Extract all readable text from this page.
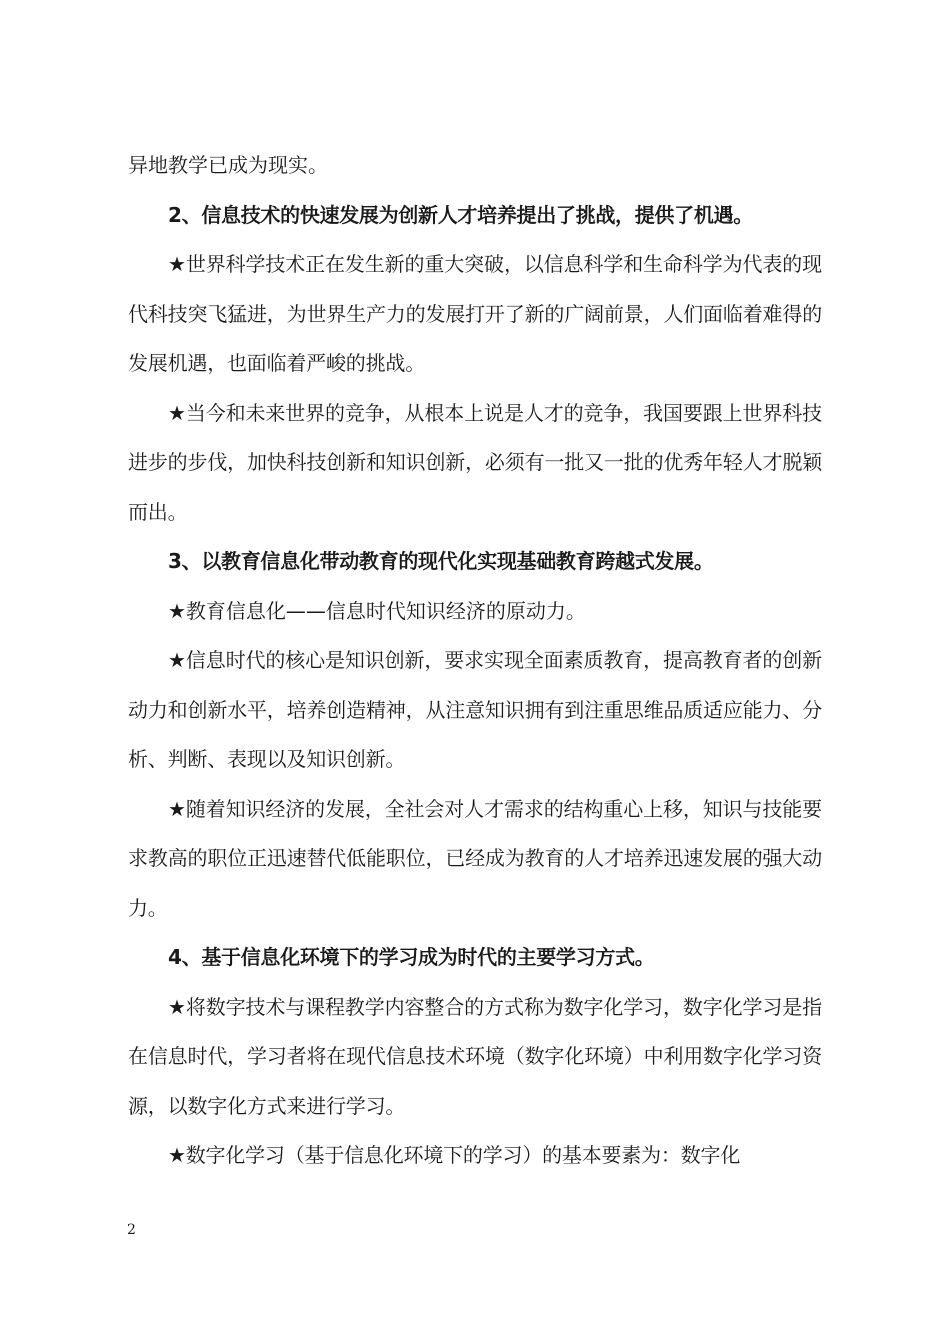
异地教学已成为现实。

2、信息技术的快速发展为创新人才培养提出了挑战，提供了机遇。

★世界科学技术正在发生新的重大突破，以信息科学和生命科学为代表的现代科技突飞猛进，为世界生产力的发展打开了新的广阔前景，人们面临着难得的发展机遇，也面临着严峻的挑战。

★当今和未来世界的竞争，从根本上说是人才的竞争，我国要跟上世界科技进步的步伐，加快科技创新和知识创新，必须有一批又一批的优秀年轻人才脱颖而出。

3、以教育信息化带动教育的现代化实现基础教育跨越式发展。

★教育信息化——信息时代知识经济的原动力。

★信息时代的核心是知识创新，要求实现全面素质教育，提高教育者的创新动力和创新水平，培养创造精神，从注意知识拥有到注重思维品质适应能力、分析、判断、表现以及知识创新。

★随着知识经济的发展，全社会对人才需求的结构重心上移，知识与技能要求教高的职位正迅速替代低能职位，已经成为教育的人才培养迅速发展的强大动力。

4、基于信息化环境下的学习成为时代的主要学习方式。

★将数字技术与课程教学内容整合的方式称为数字化学习，数字化学习是指在信息时代，学习者将在现代信息技术环境（数字化环境）中利用数字化学习资源，以数字化方式来进行学习。

★数字化学习（基于信息化环境下的学习）的基本要素为：数字化

2
